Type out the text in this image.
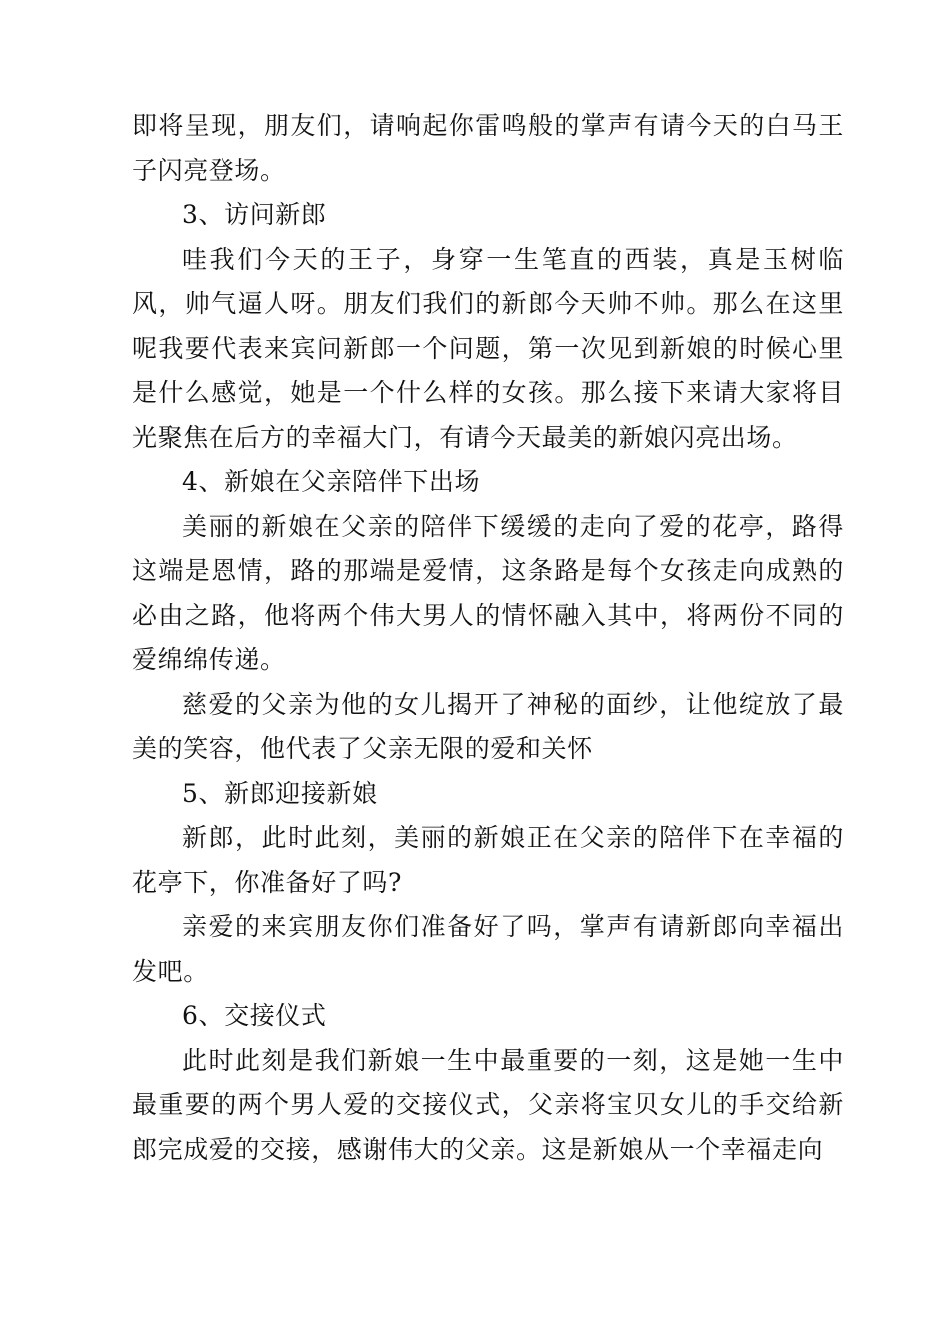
即将呈现，朋友们，请响起你雷鸣般的掌声有请今天的白马王子闪亮登场。

3、访问新郎

哇我们今天的王子，身穿一生笔直的西装，真是玉树临风，帅气逼人呀。朋友们我们的新郎今天帅不帅。那么在这里呢我要代表来宾问新郎一个问题，第一次见到新娘的时候心里是什么感觉，她是一个什么样的女孩。那么接下来请大家将目光聚焦在后方的幸福大门，有请今天最美的新娘闪亮出场。

4、新娘在父亲陪伴下出场

美丽的新娘在父亲的陪伴下缓缓的走向了爱的花亭，路得这端是恩情，路的那端是爱情，这条路是每个女孩走向成熟的必由之路，他将两个伟大男人的情怀融入其中，将两份不同的爱绵绵传递。

慈爱的父亲为他的女儿揭开了神秘的面纱，让他绽放了最美的笑容，他代表了父亲无限的爱和关怀

5、新郎迎接新娘

新郎，此时此刻，美丽的新娘正在父亲的陪伴下在幸福的花亭下，你准备好了吗?

亲爱的来宾朋友你们准备好了吗，掌声有请新郎向幸福出发吧。

6、交接仪式

此时此刻是我们新娘一生中最重要的一刻，这是她一生中最重要的两个男人爱的交接仪式，父亲将宝贝女儿的手交给新郎完成爱的交接，感谢伟大的父亲。这是新娘从一个幸福走向
